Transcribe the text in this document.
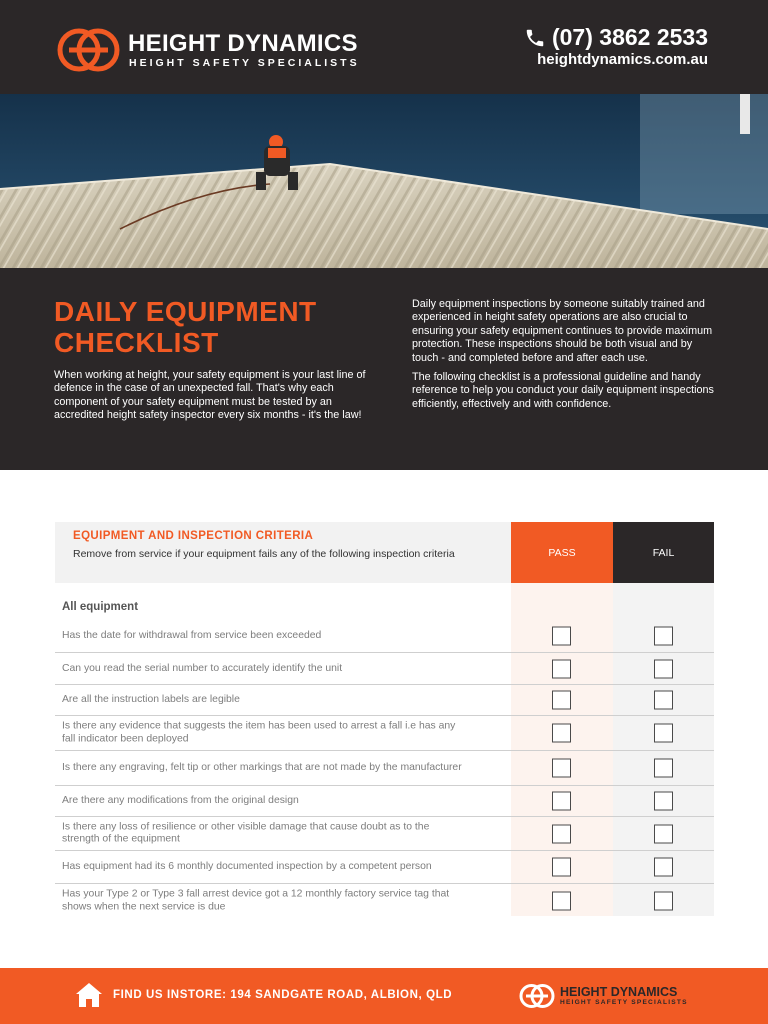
HEIGHT DYNAMICS
HEIGHT SAFETY SPECIALISTS
(07) 3862 2533
heightdynamics.com.au
DAILY EQUIPMENT
CHECKLIST

When working at height, your safety equipment is your last line of defence in the case of an unexpected fall. That's why each component of your safety equipment must be tested by an accredited height safety inspector every six months - it's the law!

Daily equipment inspections by someone suitably trained and experienced in height safety operations are also crucial to ensuring your safety equipment continues to provide maximum protection. These inspections should be both visual and by touch - and completed before and after each use.

The following checklist is a professional guideline and handy reference to help you conduct your daily equipment inspections efficiently, effectively and with confidence.

EQUIPMENT AND INSPECTION CRITERIA
Remove from service if your equipment fails any of the following inspection criteria	PASS	FAIL
All equipment
Has the date for withdrawal from service been exceeded
Can you read the serial number to accurately identify the unit
Are all the instruction labels are legible
Is there any evidence that suggests the item has been used to arrest a fall i.e has any fall indicator been deployed
Is there any engraving, felt tip or other markings that are not made by the manufacturer
Are there any modifications from the original design
Is there any loss of resilience or other visible damage that cause doubt as to the strength of the equipment
Has equipment had its 6 monthly documented inspection by a competent person
Has your Type 2 or Type 3 fall arrest device got a 12 monthly factory service tag that shows when the next service is due
FIND US INSTORE: 194 SANDGATE ROAD, ALBION, QLD	HEIGHT DYNAMICS
HEIGHT SAFETY SPECIALISTS
